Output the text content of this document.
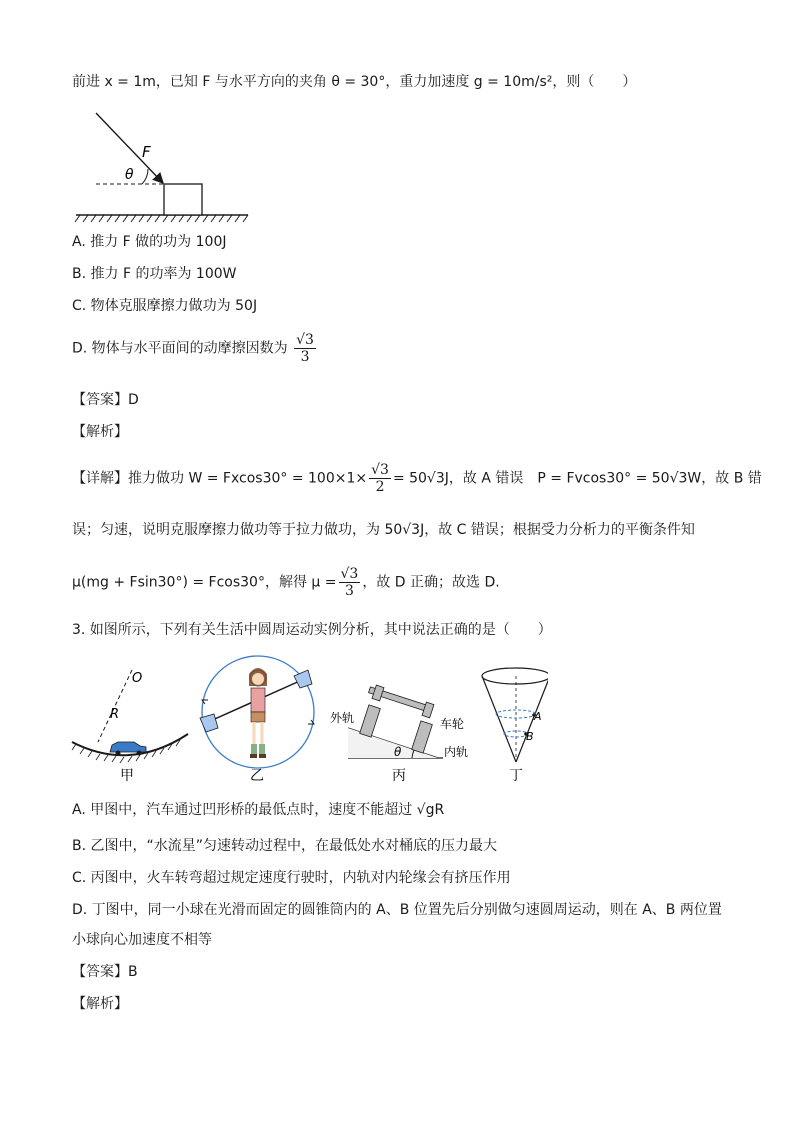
前进 x = 1m，已知 F 与水平方向的夹角 θ = 30°，重力加速度 g = 10m/s²，则（　　）
F
θ
A. 推力 F 做的功为 100J
B. 推力 F 的功率为 100W
C. 物体克服摩擦力做功为 50J
D. 物体与水平面间的动摩擦因数为 $\frac{√3}{3}$
【答案】D
【解析】
【详解】推力做功 $W = Fxcos30^\circ = 100\times 1\times \frac{√3}{2} = 50√3J$，故 A 错误　P = Fvcos30° = 50√3W，故 B 错
误；匀速，说明克服摩擦力做功等于拉力做功，为 50√3J，故 C 错误；根据受力分析力的平衡条件知
μ(mg + Fsin30°) = Fcos30°，解得 $\mu = \frac{√3}{3}$ ，故 D 正确；故选 D.
3. 如图所示，下列有关生活中圆周运动实例分析，其中说法正确的是（　　）
O
R
甲	乙
外轨	车轮
内轨
θ
丙
A
B
丁
A. 甲图中，汽车通过凹形桥的最低点时，速度不能超过 √gR
B. 乙图中，“水流星”匀速转动过程中，在最低处水对桶底的压力最大
C. 丙图中，火车转弯超过规定速度行驶时，内轨对内轮缘会有挤压作用
D. 丁图中，同一小球在光滑而固定的圆锥筒内的 A、B 位置先后分别做匀速圆周运动，则在 A、B 两位置
小球向心加速度不相等
【答案】B
【解析】
